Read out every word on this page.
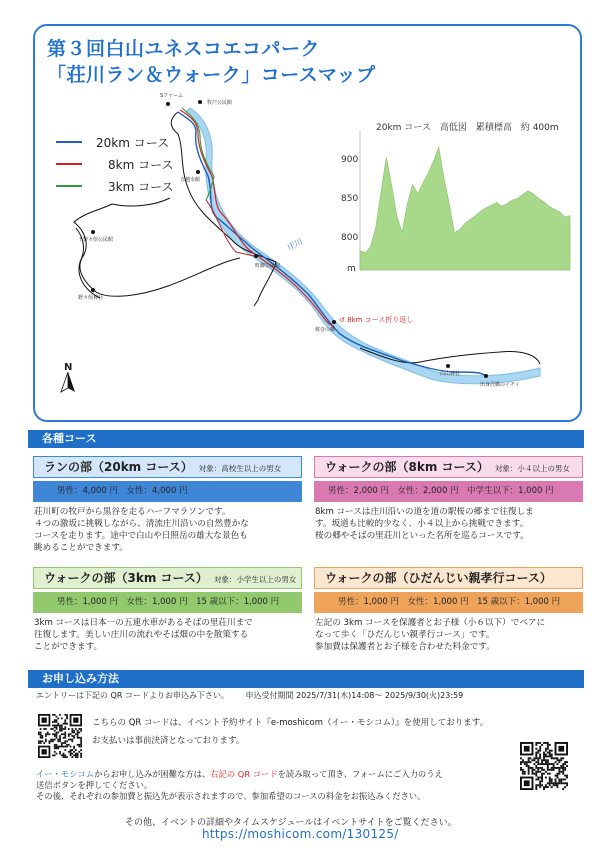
第３回白山ユネスコエコパーク
「荘川ラン＆ウォーク」コースマップ
20km コース
8km コース
3km コース
N
Sファーム
牧戸公民館
五越水館
下野々俣公民館
野々俣神社
町脚公民館
桜巻の郷
白山神社
出身沢橋のイチイ
庄川
↺ 8km コース折り返し
20km コース　高低図　累積標高　約 400m
各種コース
ランの部（20km コース） 対象：高校生以上の男女
男性：4,000 円　女性：4,000 円
荘川町の牧戸から黒谷を走るハーフマラソンです。
４つの激坂に挑戦しながら、清流庄川沿いの自然豊かな
コースを走ります。途中で白山や日照岳の雄大な景色も
眺めることができます。
ウォークの部（8km コース） 対象：小４以上の男女
男性：2,000 円　女性：2,000 円　中学生以下：1,000 円
8km コースは庄川沿いの道を道の駅桜の郷まで往復しま
す。坂道も比較的少なく、小４以上から挑戦できます。
桜の郷やそばの里荘川といった名所を巡るコースです。
ウォークの部（3km コース） 対象：小学生以上の男女
男性：1,000 円　女性：1,000 円　15 歳以下：1,000 円
3km コースは日本一の五連水車があるそばの里荘川まで
往復します。美しい庄川の流れやそば畑の中を散策する
ことができます。
ウォークの部（ひだんじい親孝行コース）
男性：1,000 円　女性：1,000 円　15 歳以下：1,000 円
左記の 3km コースを保護者とお子様（小６以下）でペアに
なって歩く「ひだんじい親孝行コース」です。
参加費は保護者とお子様を合わせた料金です。
お申し込み方法
エントリーは下記の QR コードよりお申込み下さい。 申込受付期間 2025/7/31(木)14:08～ 2025/9/30(火)23:59
こちらの QR コードは、イベント予約サイト『e-moshicom（イー・モシコム）』を使用しております。
お支払いは事前決済となっております。
イー・モシコムからお申し込みが困難な方は、右記の QR コードを読み取って頂き、フォームにご入力のうえ
送信ボタンを押してください。
その後、それぞれの参加費と振込先が表示されますので、参加希望のコースの料金をお振込みください。
その他、イベントの詳細やタイムスケジュールはイベントサイトをご覧ください。
https://moshicom.com/130125/
900
850
800
m
